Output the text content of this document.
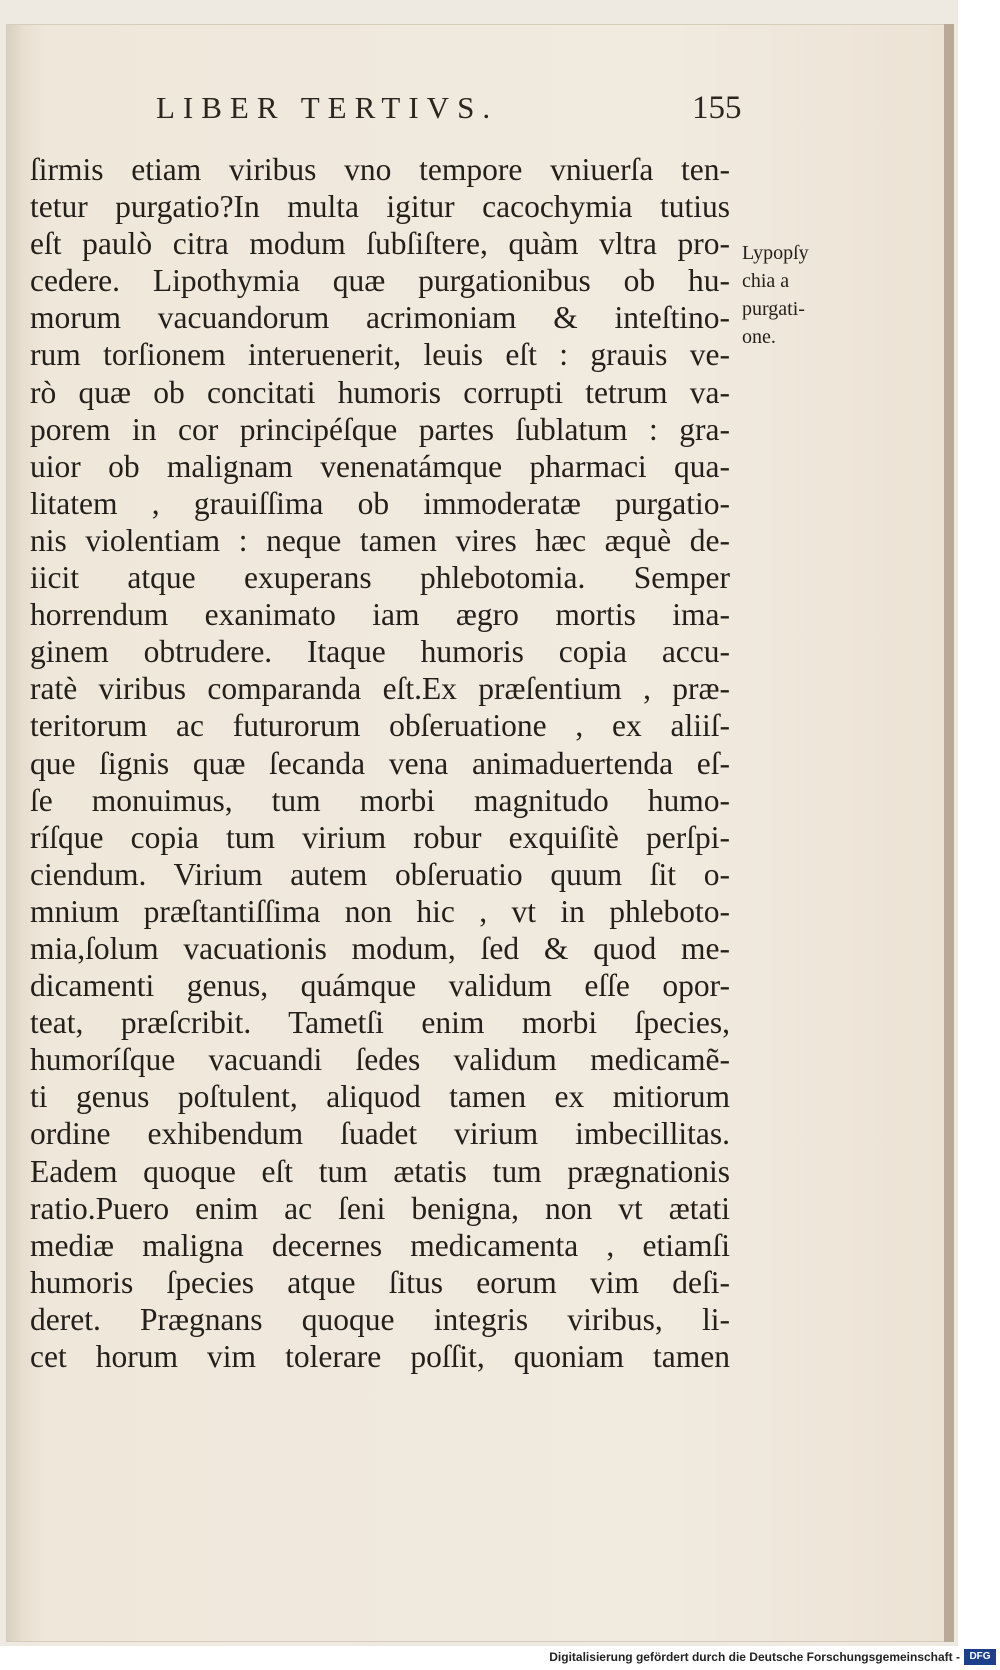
LIBER TERTIVS.	155
ſirmis etiam viribus vno tempore vniuerſa ten-
tetur purgatio?In multa igitur cacochymia tutius
eſt paulò citra modum ſubſiſtere, quàm vltra pro-
cedere. Lipothymia quæ purgationibus ob hu-
morum vacuandorum acrimoniam & inteſtino-
rum torſionem interuenerit, leuis eſt : grauis ve-
rò quæ ob concitati humoris corrupti tetrum va-
porem in cor principéſque partes ſublatum : gra-
uior ob malignam venenatámque pharmaci qua-
litatem , grauiſſima ob immoderatæ purgatio-
nis violentiam : neque tamen vires hæc æquè de-
iicit atque exuperans phlebotomia. Semper
horrendum exanimato iam ægro mortis ima-
ginem obtrudere. Itaque humoris copia accu-
ratè viribus comparanda eſt.Ex præſentium , præ-
teritorum ac futurorum obſeruatione , ex aliiſ-
que ſignis quæ ſecanda vena animaduertenda eſ-
ſe monuimus, tum morbi magnitudo humo-
ríſque copia tum virium robur exquiſitè perſpi-
ciendum. Virium autem obſeruatio quum ſit o-
mnium præſtantiſſima non hic , vt in phleboto-
mia,ſolum vacuationis modum, ſed & quod me-
dicamenti genus, quámque validum eſſe opor-
teat, præſcribit. Tametſi enim morbi ſpecies,
humoríſque vacuandi ſedes validum medicamẽ-
ti genus poſtulent, aliquod tamen ex mitiorum
ordine exhibendum ſuadet virium imbecillitas.
Eadem quoque eſt tum ætatis tum prægnationis
ratio.Puero enim ac ſeni benigna, non vt ætati
mediæ maligna decernes medicamenta , etiamſi
humoris ſpecies atque ſitus eorum vim deſi-
deret. Prægnans quoque integris viribus, li-
cet horum vim tolerare poſſit, quoniam tamen
Lypopſy
chia a
purgati-
one.
Digitalisierung gefördert durch die Deutsche Forschungsgemeinschaft - DFG
